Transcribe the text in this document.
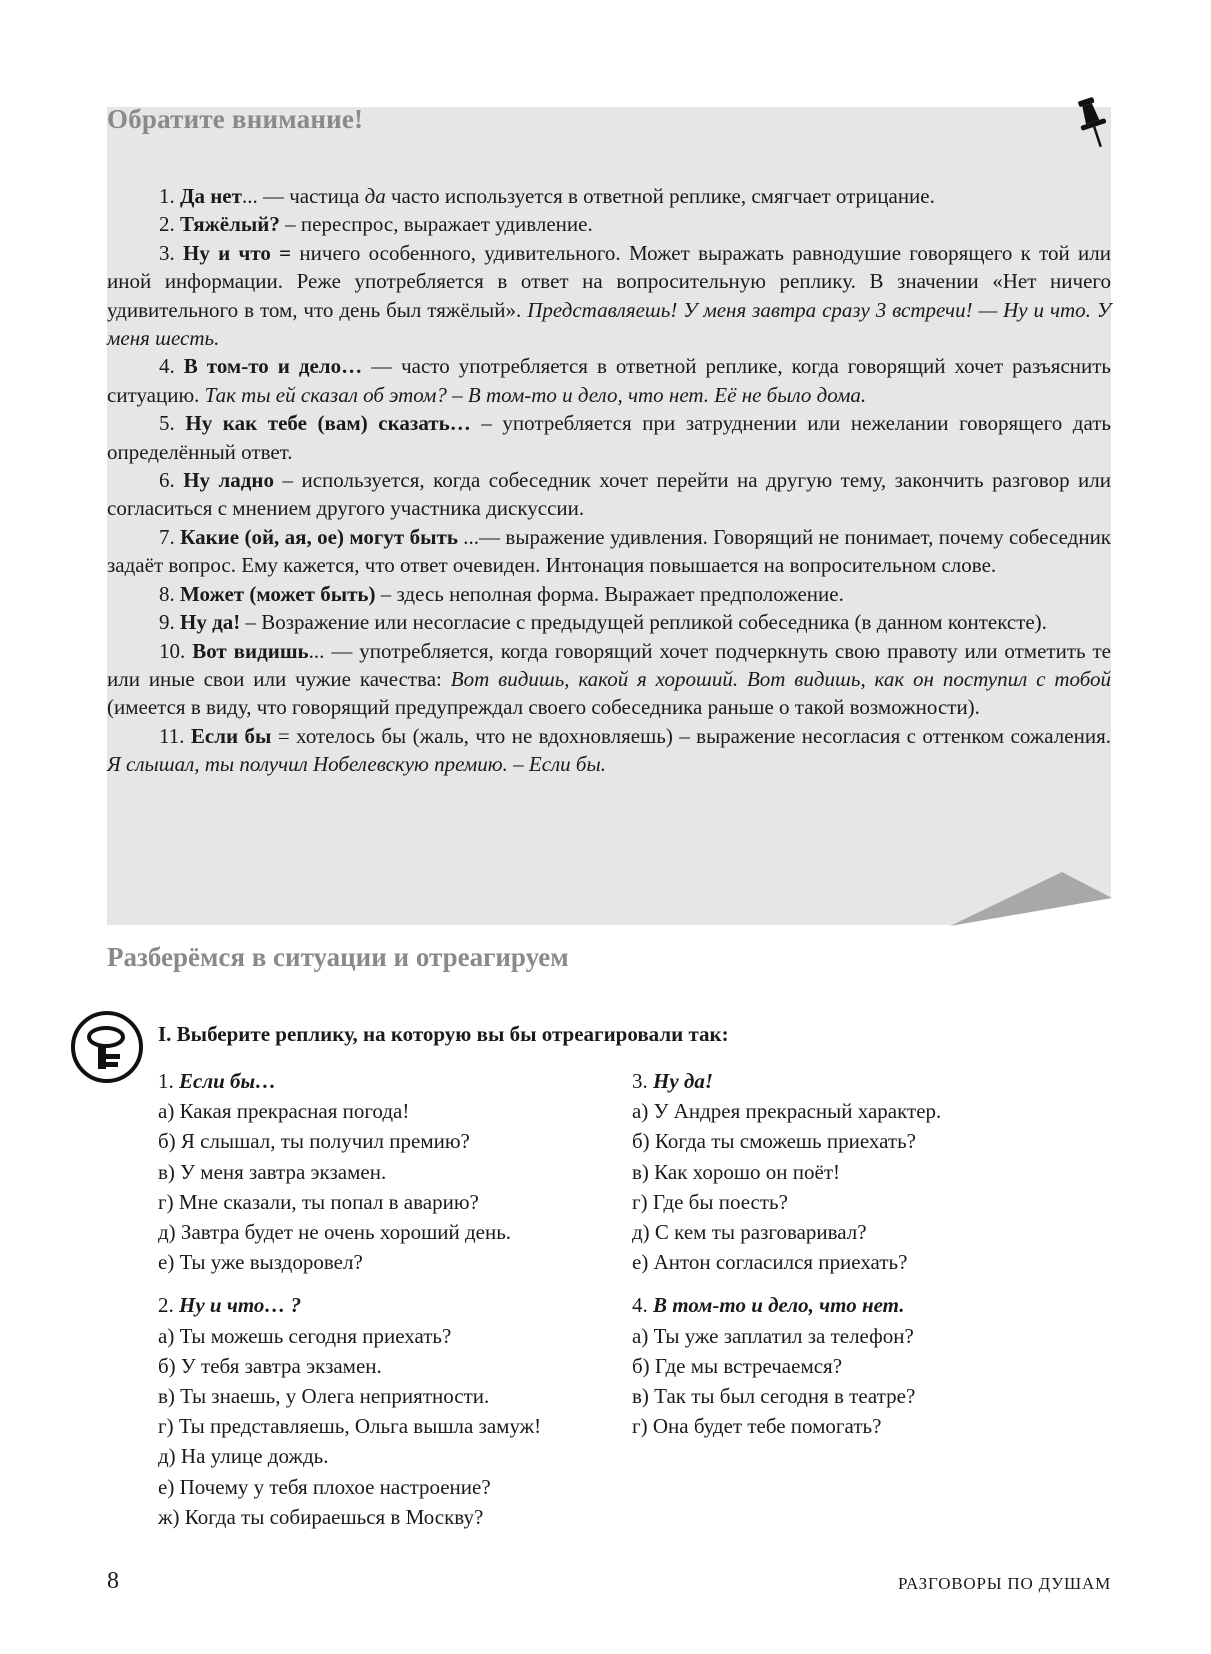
Обратите внимание!

1. Да нет... — частица да часто используется в ответной реплике, смягчает отрицание.

2. Тяжёлый? – переспрос, выражает удивление.

3. Ну и что = ничего особенного, удивительного. Может выражать равнодушие говорящего к той или иной информации. Реже употребляется в ответ на вопросительную реплику. В значении «Нет ничего удивительного в том, что день был тяжёлый». Представляешь! У меня завтра сразу 3 встречи! — Ну и что. У меня шесть.

4. В том-то и дело… — часто употребляется в ответной реплике, когда говорящий хочет разъяснить ситуацию. Так ты ей сказал об этом? – В том-то и дело, что нет. Её не было дома.

5. Ну как тебе (вам) сказать… – употребляется при затруднении или нежелании говорящего дать определённый ответ.

6. Ну ладно – используется, когда собеседник хочет перейти на другую тему, закончить разговор или согласиться с мнением другого участника дискуссии.

7. Какие (ой, ая, ое) могут быть ...— выражение удивления. Говорящий не понимает, почему собеседник задаёт вопрос. Ему кажется, что ответ очевиден. Интонация повышается на вопросительном слове.

8. Может (может быть) – здесь неполная форма. Выражает предположение.

9. Ну да! – Возражение или несогласие с предыдущей репликой собеседника (в данном контексте).

10. Вот видишь... — употребляется, когда говорящий хочет подчеркнуть свою правоту или отметить те или иные свои или чужие качества: Вот видишь, какой я хороший. Вот видишь, как он поступил с тобой (имеется в виду, что говорящий предупреждал своего собеседника раньше о такой возможности).

11. Если бы = хотелось бы (жаль, что не вдохновляешь) – выражение несогласия с оттенком сожаления. Я слышал, ты получил Нобелевскую премию. – Если бы.

Разберёмся в ситуации и отреагируем
I. Выберите реплику, на которую вы бы отреагировали так:
1. Если бы…
а) Какая прекрасная погода!
б) Я слышал, ты получил премию?
в) У меня завтра экзамен.
г) Мне сказали, ты попал в аварию?
д) Завтра будет не очень хороший день.
е) Ты уже выздоровел?
2. Ну и что… ?
а) Ты можешь сегодня приехать?
б) У тебя завтра экзамен.
в) Ты знаешь, у Олега неприятности.
г) Ты представляешь, Ольга вышла замуж!
д) На улице дождь.
е) Почему у тебя плохое настроение?
ж) Когда ты собираешься в Москву?
3. Ну да!
а) У Андрея прекрасный характер.
б) Когда ты сможешь приехать?
в) Как хорошо он поёт!
г) Где бы поесть?
д) С кем ты разговаривал?
е) Антон согласился приехать?
4. В том-то и дело, что нет.
а) Ты уже заплатил за телефон?
б) Где мы встречаемся?
в) Так ты был сегодня в театре?
г) Она будет тебе помогать?
8	РАЗГОВОРЫ ПО ДУШАМ
